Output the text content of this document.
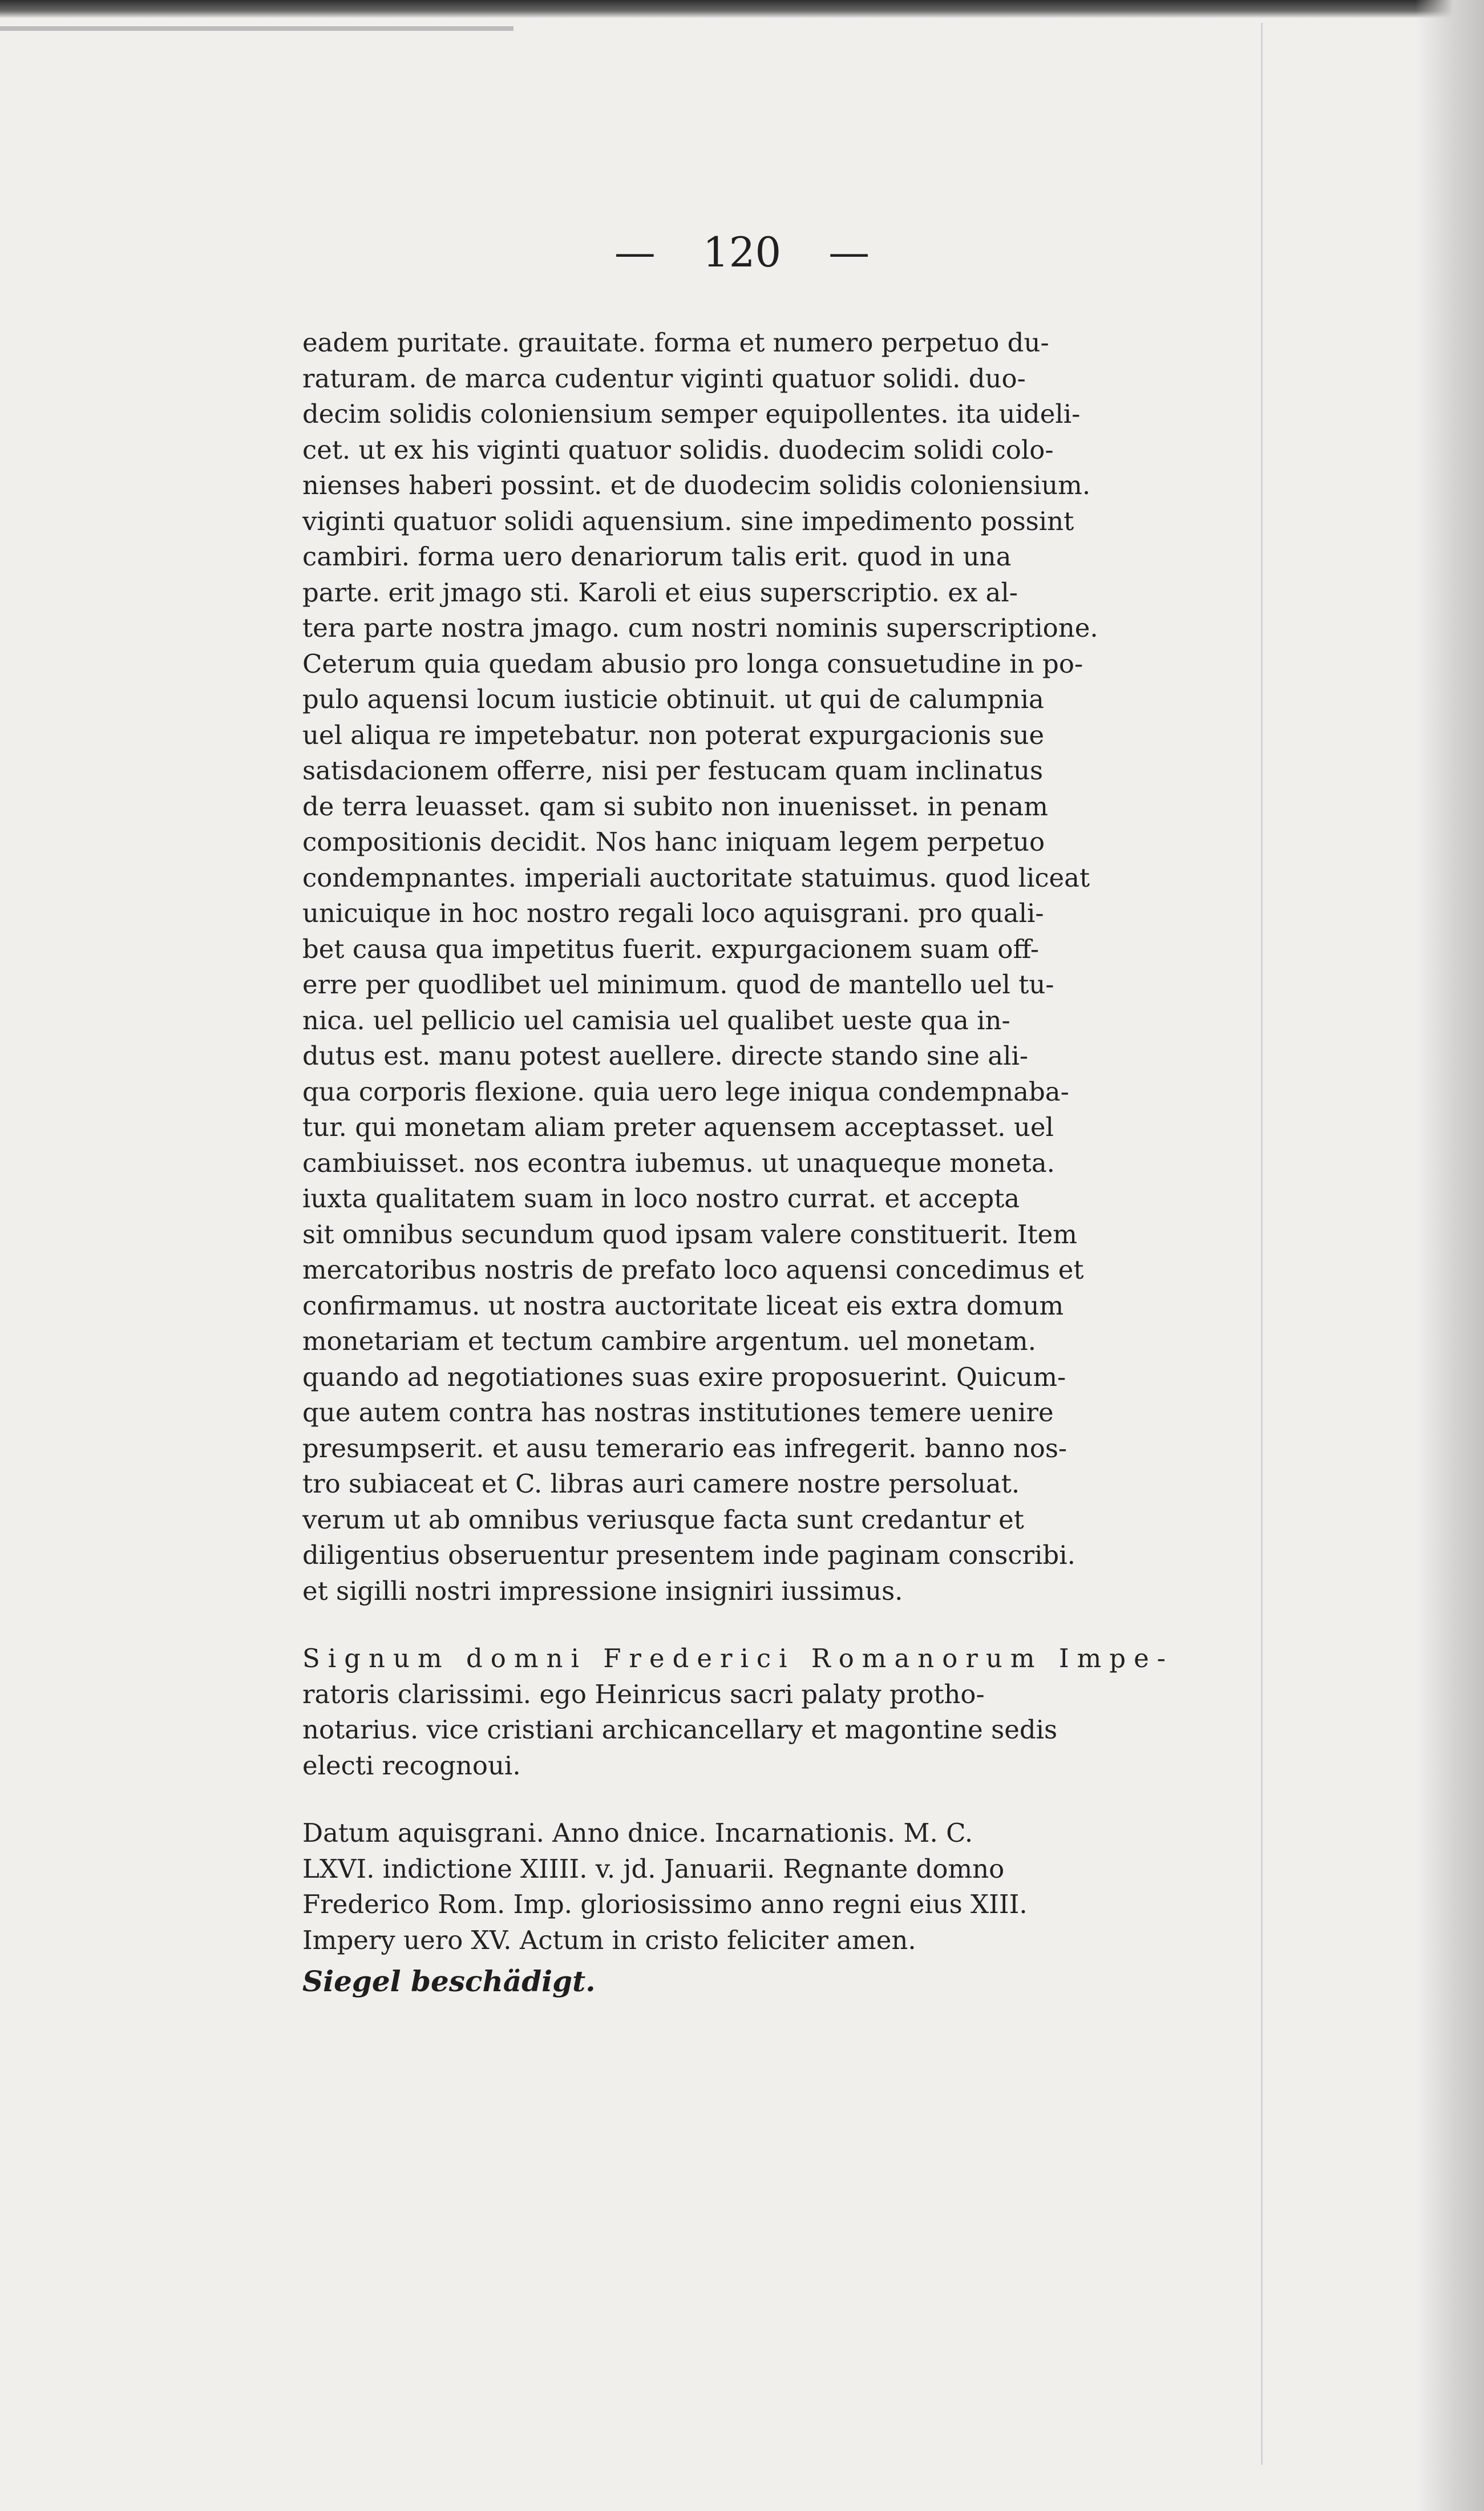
— 120 —
eadem puritate. grauitate. forma et numero perpetuo du-
raturam. de marca cudentur viginti quatuor solidi. duo-
decim solidis coloniensium semper equipollentes. ita uideli-
cet. ut ex his viginti quatuor solidis. duodecim solidi colo-
nienses haberi possint. et de duodecim solidis coloniensium.
viginti quatuor solidi aquensium. sine impedimento possint
cambiri. forma uero denariorum talis erit. quod in una
parte. erit jmago sti. Karoli et eius superscriptio. ex al-
tera parte nostra jmago. cum nostri nominis superscriptione.
Ceterum quia quedam abusio pro longa consuetudine in po-
pulo aquensi locum iusticie obtinuit. ut qui de calumpnia
uel aliqua re impetebatur. non poterat expurgacionis sue
satisdacionem offerre, nisi per festucam quam inclinatus
de terra leuasset. qam si subito non inuenisset. in penam
compositionis decidit. Nos hanc iniquam legem perpetuo
condempnantes. imperiali auctoritate statuimus. quod liceat
unicuique in hoc nostro regali loco aquisgrani. pro quali-
bet causa qua impetitus fuerit. expurgacionem suam off-
erre per quodlibet uel minimum. quod de mantello uel tu-
nica. uel pellicio uel camisia uel qualibet ueste qua in-
dutus est. manu potest auellere. directe stando sine ali-
qua corporis flexione. quia uero lege iniqua condempnaba-
tur. qui monetam aliam preter aquensem acceptasset. uel
cambiuisset. nos econtra iubemus. ut unaqueque moneta.
iuxta qualitatem suam in loco nostro currat. et accepta
sit omnibus secundum quod ipsam valere constituerit. Item
mercatoribus nostris de prefato loco aquensi concedimus et
confirmamus. ut nostra auctoritate liceat eis extra domum
monetariam et tectum cambire argentum. uel monetam.
quando ad negotiationes suas exire proposuerint. Quicum-
que autem contra has nostras institutiones temere uenire
presumpserit. et ausu temerario eas infregerit. banno nos-
tro subiaceat et C. libras auri camere nostre persoluat.
verum ut ab omnibus veriusque facta sunt credantur et
diligentius obseruentur presentem inde paginam conscribi.
et sigilli nostri impressione insigniri iussimus.
Signum domni Frederici Romanorum Impe-
ratoris clarissimi. ego Heinricus sacri palaty protho-
notarius. vice cristiani archicancellary et magontine sedis
electi recognoui.
Datum aquisgrani. Anno dnice. Incarnationis. M. C.
LXVI. indictione XIIII. v. jd. Januarii. Regnante domno
Frederico Rom. Imp. gloriosissimo anno regni eius XIII.
Impery uero XV. Actum in cristo feliciter amen.
Siegel beschädigt.
